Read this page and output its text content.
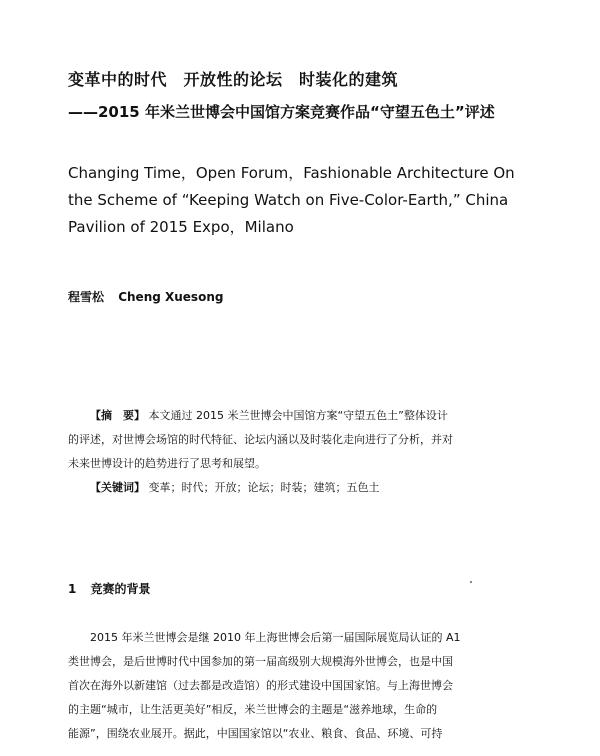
变革中的时代　开放性的论坛　时装化的建筑
——2015 年米兰世博会中国馆方案竞赛作品“守望五色土”评述
Changing Time，Open Forum，Fashionable Architecture On
the Scheme of “Keeping Watch on Five-Color-Earth,” China
Pavilion of 2015 Expo，Milano
程雪松 Cheng Xuesong
【摘　要】 本文通过 2015 米兰世博会中国馆方案“守望五色土”整体设计
的评述，对世博会场馆的时代特征、论坛内涵以及时装化走向进行了分析，并对
未来世博设计的趋势进行了思考和展望。
【关键词】 变革；时代；开放；论坛；时装；建筑；五色土
1 竞赛的背景
2015 年米兰世博会是继 2010 年上海世博会后第一届国际展览局认证的 A1
类世博会，是后世博时代中国参加的第一届高级别大规模海外世博会，也是中国
首次在海外以新建馆（过去都是改造馆）的形式建设中国国家馆。与上海世博会
的主题“城市，让生活更美好”相反，米兰世博会的主题是“滋养地球，生命的
能源”，围绕农业展开。据此，中国国家馆以“农业、粮食、食品、环境、可持
